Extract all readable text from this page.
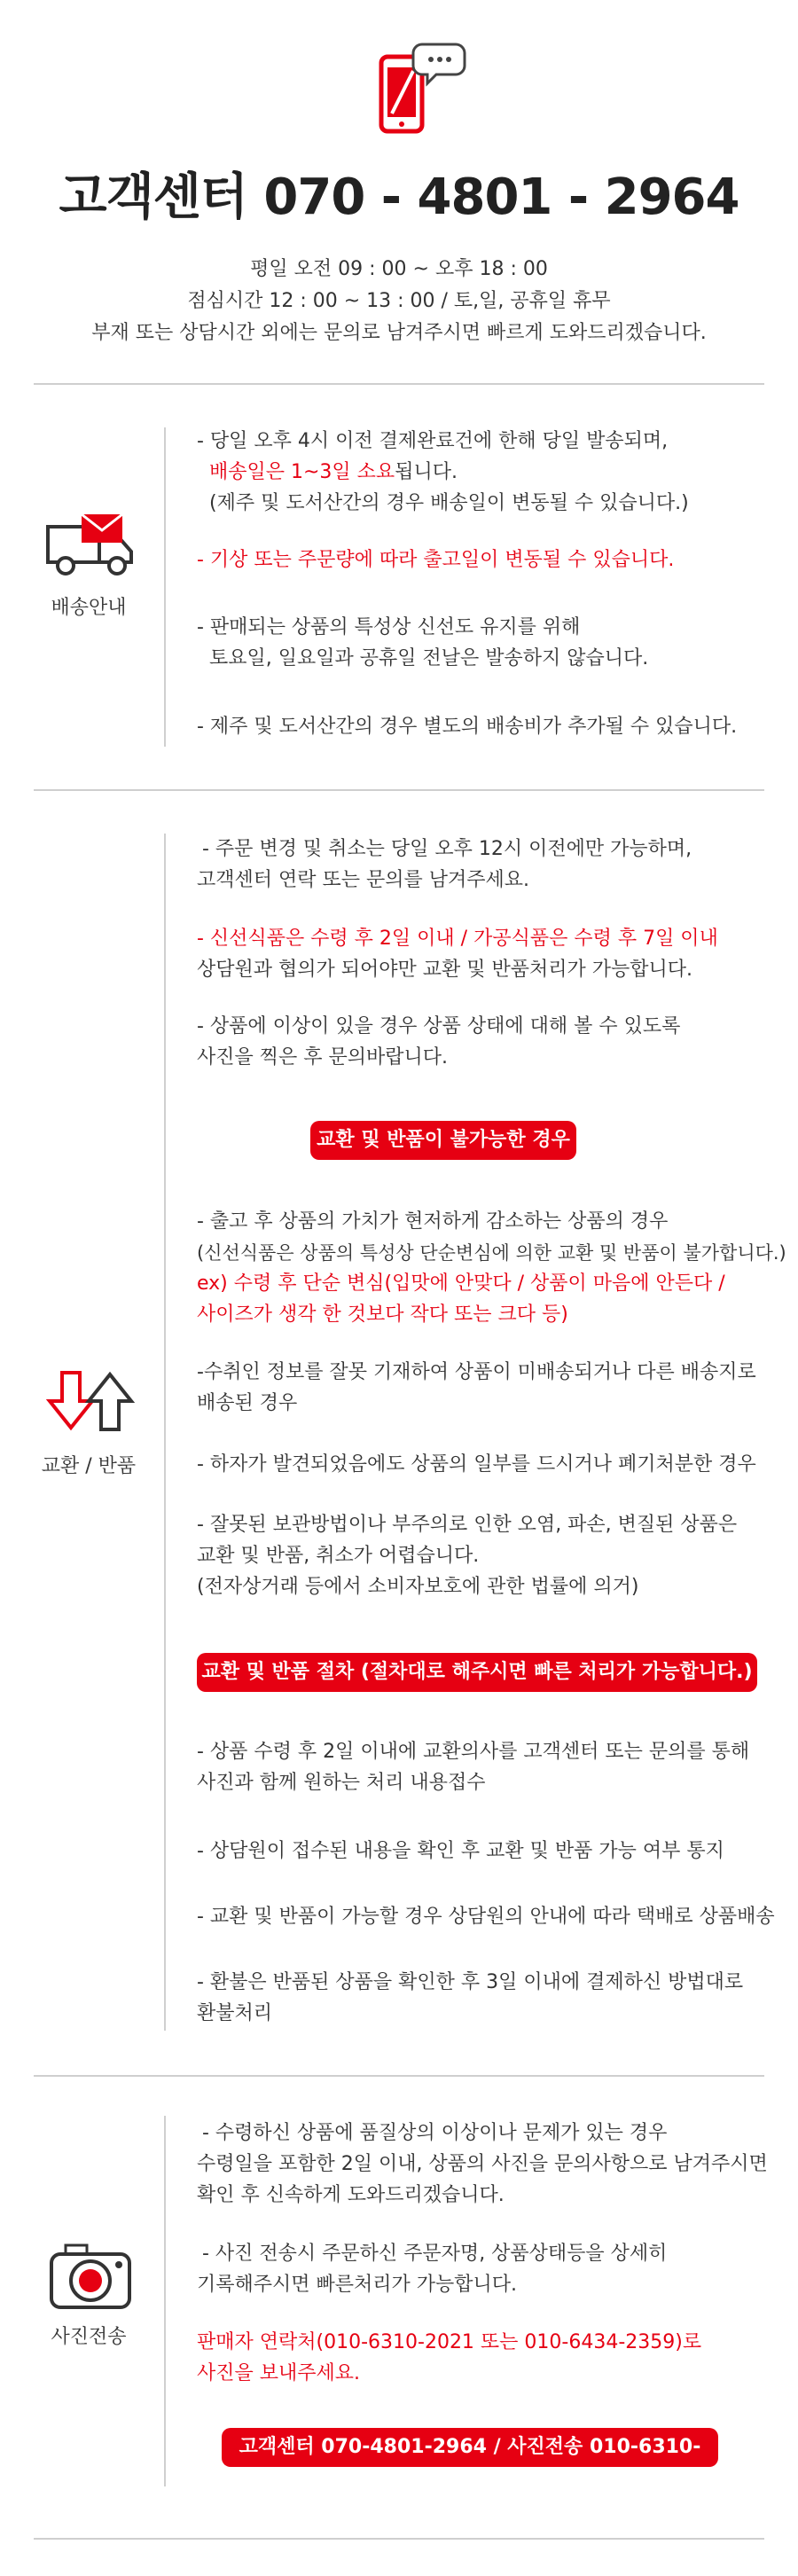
고객센터 070 - 4801 - 2964
평일 오전 09 : 00 ~ 오후 18 : 00
점심시간 12 : 00 ~ 13 : 00 / 토,일, 공휴일 휴무
부재 또는 상담시간 외에는 문의로 남겨주시면 빠르게 도와드리겠습니다.
배송안내
- 당일 오후 4시 이전 결제완료건에 한해 당일 발송되며,
배송일은 1~3일 소요됩니다.
(제주 및 도서산간의 경우 배송일이 변동될 수 있습니다.)
- 기상 또는 주문량에 따라 출고일이 변동될 수 있습니다.
- 판매되는 상품의 특성상 신선도 유지를 위해
토요일, 일요일과 공휴일 전날은 발송하지 않습니다.
- 제주 및 도서산간의 경우 별도의 배송비가 추가될 수 있습니다.
교환 / 반품
- 주문 변경 및 취소는 당일 오후 12시 이전에만 가능하며,
고객센터 연락 또는 문의를 남겨주세요.
- 신선식품은 수령 후 2일 이내 / 가공식품은 수령 후 7일 이내
상담원과 협의가 되어야만 교환 및 반품처리가 가능합니다.
- 상품에 이상이 있을 경우 상품 상태에 대해 볼 수 있도록
사진을 찍은 후 문의바랍니다.
교환 및 반품이 불가능한 경우
- 출고 후 상품의 가치가 현저하게 감소하는 상품의 경우
(신선식품은 상품의 특성상 단순변심에 의한 교환 및 반품이 불가합니다.)
ex) 수령 후 단순 변심(입맛에 안맞다 / 상품이 마음에 안든다 /
사이즈가 생각 한 것보다 작다 또는 크다 등)
-수취인 정보를 잘못 기재하여 상품이 미배송되거나 다른 배송지로
배송된 경우
- 하자가 발견되었음에도 상품의 일부를 드시거나 폐기처분한 경우
- 잘못된 보관방법이나 부주의로 인한 오염, 파손, 변질된 상품은
교환 및 반품, 취소가 어렵습니다.
(전자상거래 등에서 소비자보호에 관한 법률에 의거)
교환 및 반품 절차 (절차대로 해주시면 빠른 처리가 가능합니다.)
- 상품 수령 후 2일 이내에 교환의사를 고객센터 또는 문의를 통해
사진과 함께 원하는 처리 내용접수
- 상담원이 접수된 내용을 확인 후 교환 및 반품 가능 여부 통지
- 교환 및 반품이 가능할 경우 상담원의 안내에 따라 택배로 상품배송
- 환불은 반품된 상품을 확인한 후 3일 이내에 결제하신 방법대로
환불처리
사진전송
- 수령하신 상품에 품질상의 이상이나 문제가 있는 경우
수령일을 포함한 2일 이내, 상품의 사진을 문의사항으로 남겨주시면
확인 후 신속하게 도와드리겠습니다.
- 사진 전송시 주문하신 주문자명, 상품상태등을 상세히
기록해주시면 빠른처리가 가능합니다.
판매자 연락처(010-6310-2021 또는 010-6434-2359)로
사진을 보내주세요.
고객센터 070-4801-2964 / 사진전송 010-6310-2021
